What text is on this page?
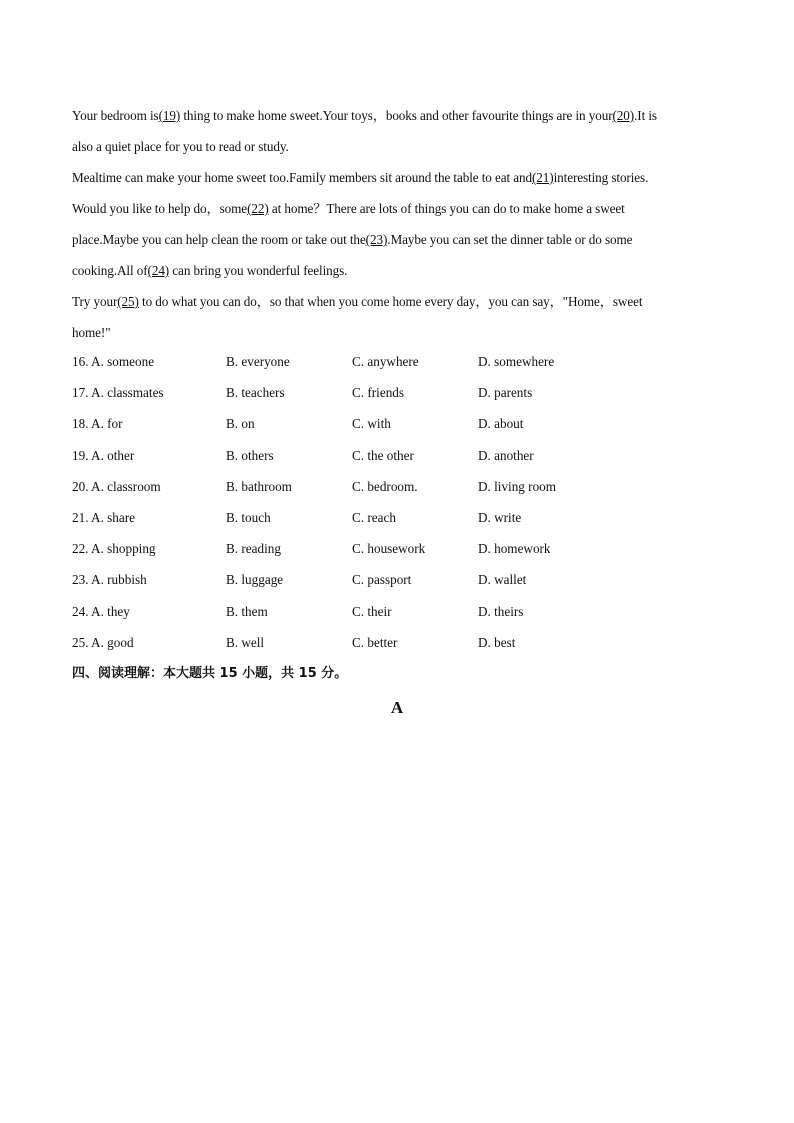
Your bedroom is(19) thing to make home sweet.Your toys，books and other favourite things are in your(20).It is
also a quiet place for you to read or study.
Mealtime can make your home sweet too.Family members sit around the table to eat and(21)interesting stories.
Would you like to help do，some(22) at home？There are lots of things you can do to make home a sweet
place.Maybe you can help clean the room or take out the(23).Maybe you can set the dinner table or do some
cooking.All of(24) can bring you wonderful feelings.
Try your(25) to do what you can do，so that when you come home every day，you can say，"Home，sweet
home!"
16. A. someone	B. everyone	C. anywhere	D. somewhere
17. A. classmates	B. teachers	C. friends	D. parents
18. A. for	B. on	C. with	D. about
19. A. other	B. others	C. the other	D. another
20. A. classroom	B. bathroom	C. bedroom.	D. living room
21. A. share	B. touch	C. reach	D. write
22. A. shopping	B. reading	C. housework	D. homework
23. A. rubbish	B. luggage	C. passport	D. wallet
24. A. they	B. them	C. their	D. theirs
25. A. good	B. well	C. better	D. best
四、阅读理解：本大题共 15 小题，共 15 分。
A
